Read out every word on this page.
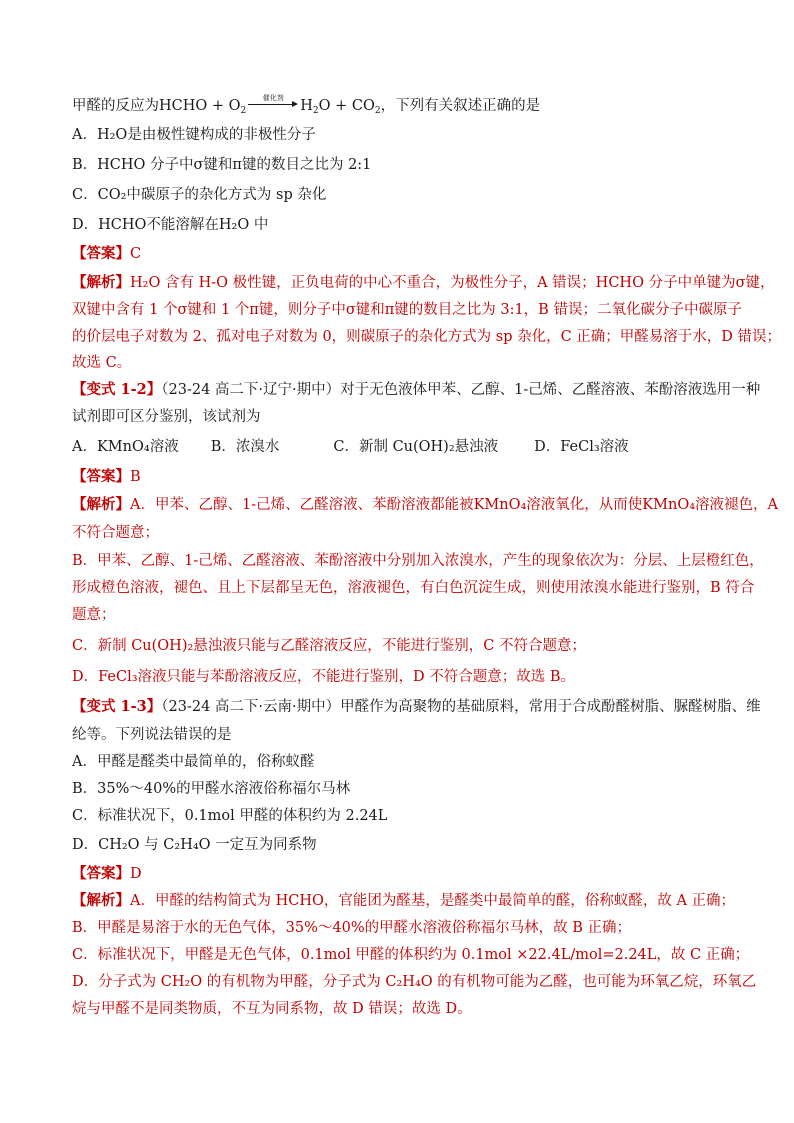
甲醛的反应为HCHO + $O_2$
催化剂	$H_2O + CO_2$，下列有关叙述正确的是
A．H₂O是由极性键构成的非极性分子
B．HCHO 分子中σ键和π键的数目之比为 2:1
C．CO₂中碳原子的杂化方式为 sp 杂化
D．HCHO不能溶解在H₂O 中
【答案】C
【解析】H₂O 含有 H-O 极性键，正负电荷的中心不重合，为极性分子，A 错误；HCHO 分子中单键为σ键，
双键中含有 1 个σ键和 1 个π键，则分子中σ键和π键的数目之比为 3:1，B 错误；二氧化碳分子中碳原子
的价层电子对数为 2、孤对电子对数为 0，则碳原子的杂化方式为 sp 杂化，C 正确；甲醛易溶于水，D 错误；
故选 C。
【变式 1-2】（23-24 高二下·辽宁·期中）对于无色液体甲苯、乙醇、1-己烯、乙醛溶液、苯酚溶液选用一种
试剂即可区分鉴别，该试剂为
A．KMnO₄溶液 B．浓溴水	C．新制 Cu(OH)₂悬浊液 D．FeCl₃溶液
【答案】B
【解析】A．甲苯、乙醇、1-己烯、乙醛溶液、苯酚溶液都能被KMnO₄溶液氧化，从而使KMnO₄溶液褪色，A
不符合题意；
B．甲苯、乙醇、1-己烯、乙醛溶液、苯酚溶液中分别加入浓溴水，产生的现象依次为：分层、上层橙红色，
形成橙色溶液，褪色、且上下层都呈无色，溶液褪色，有白色沉淀生成，则使用浓溴水能进行鉴别，B 符合
题意；
C．新制 Cu(OH)₂悬浊液只能与乙醛溶液反应，不能进行鉴别，C 不符合题意；
D．FeCl₃溶液只能与苯酚溶液反应，不能进行鉴别，D 不符合题意；故选 B。
【变式 1-3】（23-24 高二下·云南·期中）甲醛作为高聚物的基础原料，常用于合成酚醛树脂、脲醛树脂、维
纶等。下列说法错误的是
A．甲醛是醛类中最简单的，俗称蚁醛
B．35%～40%的甲醛水溶液俗称福尔马林
C．标准状况下，0.1mol 甲醛的体积约为 2.24L
D．CH₂O 与 C₂H₄O 一定互为同系物
【答案】D
【解析】A．甲醛的结构简式为 HCHO，官能团为醛基，是醛类中最简单的醛，俗称蚁醛，故 A 正确；
B．甲醛是易溶于水的无色气体，35%～40%的甲醛水溶液俗称福尔马林，故 B 正确；
C．标准状况下，甲醛是无色气体，0.1mol 甲醛的体积约为 0.1mol ×22.4L/mol=2.24L，故 C 正确；
D．分子式为 CH₂O 的有机物为甲醛，分子式为 C₂H₄O 的有机物可能为乙醛，也可能为环氧乙烷，环氧乙
烷与甲醛不是同类物质，不互为同系物，故 D 错误；故选 D。
